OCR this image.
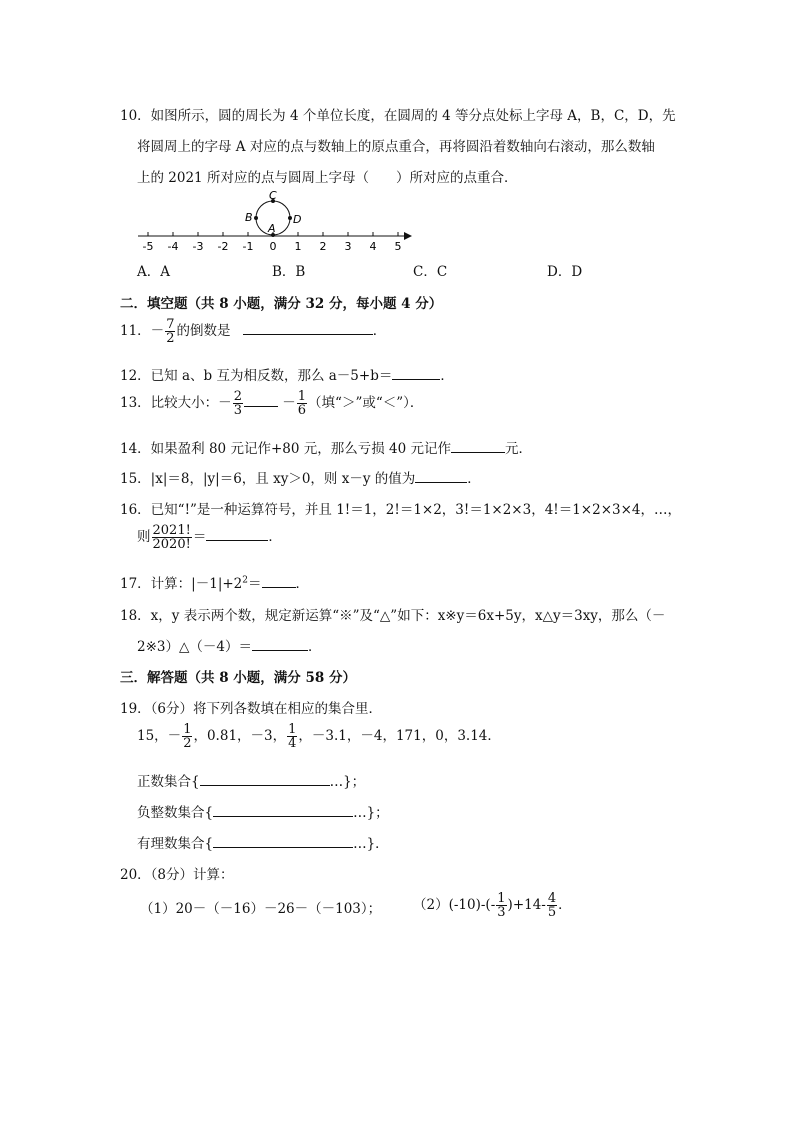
10．如图所示，圆的周长为 4 个单位长度，在圆周的 4 等分点处标上字母 A，B，C，D，先
将圆周上的字母 A 对应的点与数轴上的原点重合，再将圆沿着数轴向右滚动，那么数轴
上的 2021 所对应的点与圆周上字母（　　）所对应的点重合．
-5 -4 -3 -2 -1 0 1 2 3 4 5
C
B	D
A
A．A	B．B	C．C	D．D
二．填空题（共 8 小题，满分 32 分，每小题 4 分）
11．－ $\frac{7}{2}$ 的倒数是	．
12．已知 a、b 互为相反数，那么 a－5+b＝	．
13．比较大小：－ $\frac{2}{3}$	－ $\frac{1}{6}$ （填“＞”或“＜”）．
14．如果盈利 80 元记作+80 元，那么亏损 40 元记作	元．
15．|x|＝8，|y|＝6，且 xy＞0，则 x－y 的值为	．
16．已知“!”是一种运算符号，并且 1!＝1，2!＝1×2，3!＝1×2×3，4!＝1×2×3×4，…，
则 $\frac{2021!}{2020!}$ ＝	．
17．计算：$|-1|+2^2=$	．
18．x，y 表示两个数，规定新运算“※”及“△”如下：x※y＝6x+5y，x△y＝3xy，那么（－
2※3）△（－4）＝	．
三．解答题（共 8 小题，满分 58 分）
19．（6分）将下列各数填在相应的集合里．
15，－ $\frac{1}{2}$ ，0.81，－3， $\frac{1}{4}$ ，－3.1，－4，171，0，3.14．
正数集合{	…}；
负整数集合{	…}；
有理数集合{	…}．
20．（8分）计算：
（1）20－（－16）－26－（－103）； $(2)(-10)-(- \frac{1}{3} )+14- \frac{4}{5}$ ．
